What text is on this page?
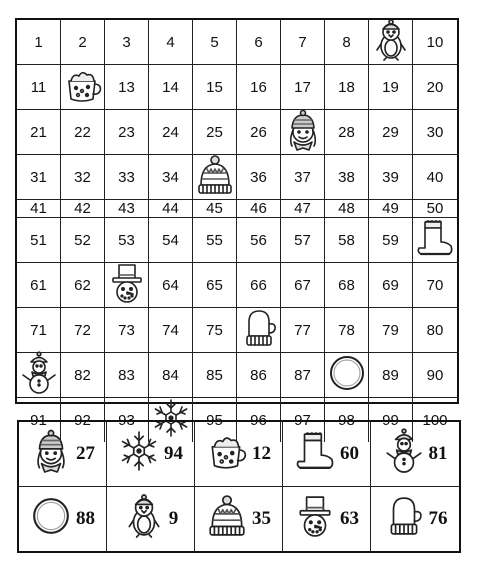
1	2	3	4	5	6	7	8	10
11	13	14	15	16	17	18	19	20
21	22	23	24	25	26	28	29	30
31	32	33	34	36	37	38	39	40
41	42	43	44	45	46	47	48	49	50
51	52	53	54	55	56	57	58	59
61	62	64	65	66	67	68	69	70
71	72	73	74	75	77	78	79	80
82	83	84	85	86	87	89	90
91	92	93	95	96	97	98	99	100
27	94	12	60	81
88	9	35	63	76
